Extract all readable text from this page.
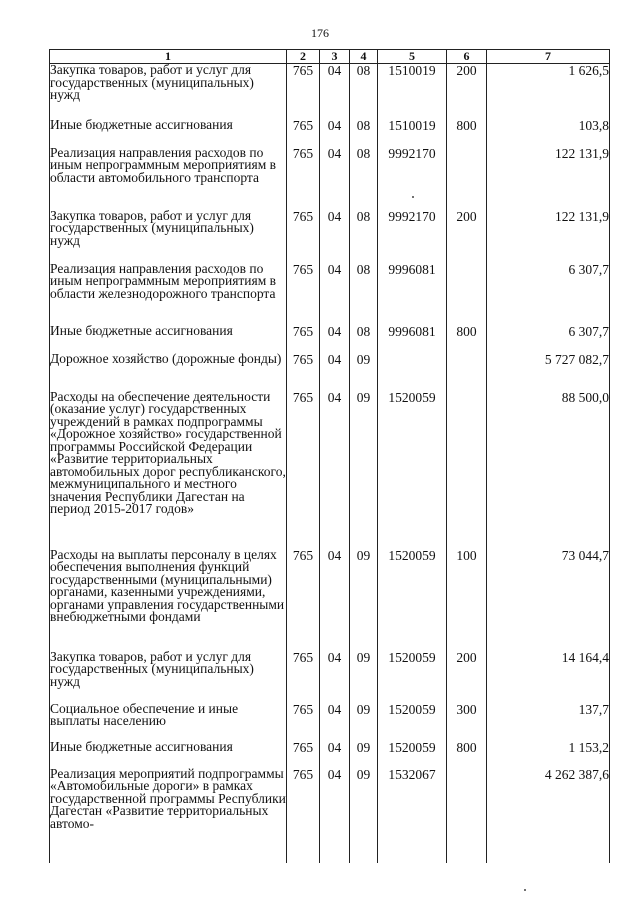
176
1	2	3	4	5	6	7
Закупка товаров, работ и услуг для государственных (муниципальных) нужд	765	04	08	1510019	200	1 626,5
Иные бюджетные ассигнования	765	04	08	1510019	800	103,8
Реализация направления расходов по иным непрограммным мероприятиям в области автомобильного транспорта	765	04	08	9992170		122 131,9
Закупка товаров, работ и услуг для государственных (муниципальных) нужд	765	04	08	9992170	200	122 131,9
Реализация направления расходов по иным непрограммным мероприятиям в области железнодорожного транспорта	765	04	08	9996081		6 307,7
Иные бюджетные ассигнования	765	04	08	9996081	800	6 307,7
Дорожное хозяйство (дорожные фонды)	765	04	09			5 727 082,7
Расходы на обеспечение деятельности (оказание услуг) государственных учреждений в рамках подпрограммы «Дорожное хозяйство» государственной программы Российской Федерации «Развитие территориальных автомобильных дорог республиканского, межмуниципального и местного значения Республики Дагестан на период 2015-2017 годов»	765	04	09	1520059		88 500,0
Расходы на выплаты персоналу в целях обеспечения выполнения функций государственными (муниципальными) органами, казенными учреждениями, органами управления государственными внебюджетными фондами	765	04	09	1520059	100	73 044,7
Закупка товаров, работ и услуг для государственных (муниципальных) нужд	765	04	09	1520059	200	14 164,4
Социальное обеспечение и иные выплаты населению	765	04	09	1520059	300	137,7
Иные бюджетные ассигнования	765	04	09	1520059	800	1 153,2
Реализация мероприятий подпрограммы «Автомобильные дороги» в рамках государственной программы Республики Дагестан «Развитие территориальных автомо-	765	04	09	1532067		4 262 387,6
